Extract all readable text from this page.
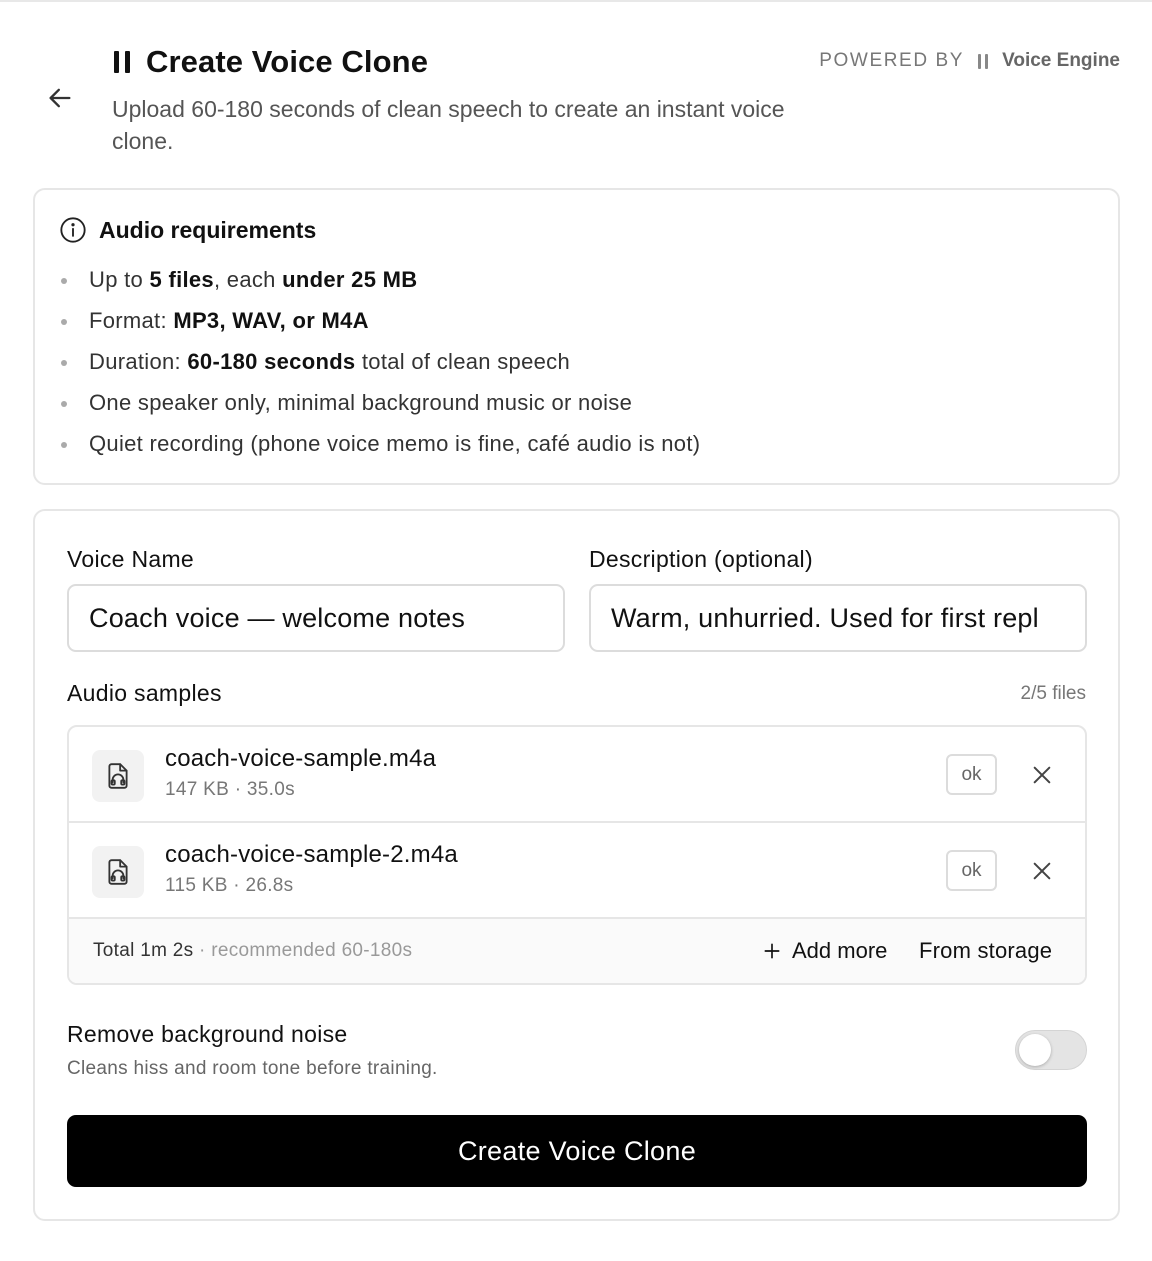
Create Voice Clone

Upload 60-180 seconds of clean speech to create an instant voice clone.

POWERED BY Voice Engine
Audio requirements
Up to 5 files, each under 25 MB
Format: MP3, WAV, or M4A
Duration: 60-180 seconds total of clean speech
One speaker only, minimal background music or noise
Quiet recording (phone voice memo is fine, café audio is not)
Voice Name
Coach voice — welcome notes	Description (optional)
Warm, unhurried. Used for first repl
Audio samples	2/5 files
coach-voice-sample.m4a
147 KB · 35.0s
ok
coach-voice-sample-2.m4a
115 KB · 26.8s
ok
Total 1m 2s · recommended 60-180s	Add more From storage
Remove background noise
Cleans hiss and room tone before training.
Create Voice Clone
